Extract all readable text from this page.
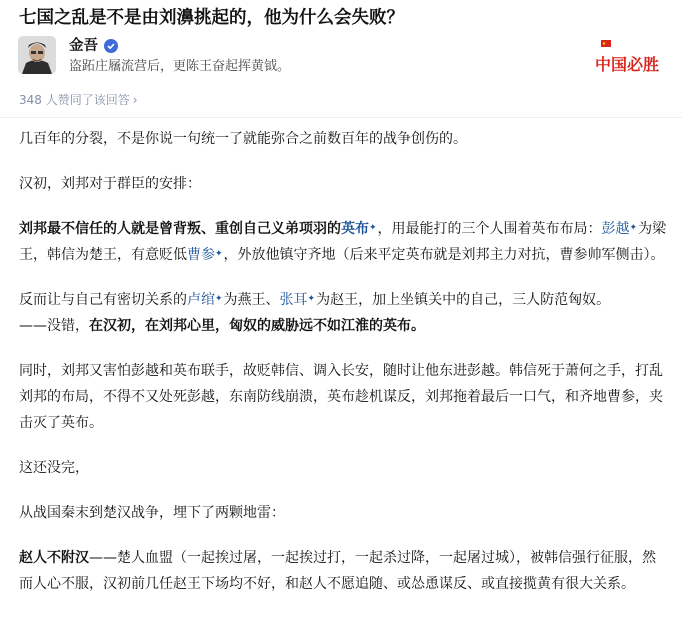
七国之乱是不是由刘濞挑起的，他为什么会失败？
金吾
盗跖庄屩流营后，更陈王奋起挥黄钺。	中国必胜
348 人赞同了该回答 ›

几百年的分裂，不是你说一句统一了就能弥合之前数百年的战争创伤的。

汉初，刘邦对于群臣的安排：

刘邦最不信任的人就是曾背叛、重创自己义弟项羽的英布✦，用最能打的三个人围着英布布局：彭越✦为梁王，韩信为楚王，有意贬低曹参✦，外放他镇守齐地（后来平定英布就是刘邦主力对抗，曹参帅军侧击）。

反而让与自己有密切关系的卢绾✦为燕王、张耳✦为赵王，加上坐镇关中的自己，三人防范匈奴。
——没错，在汉初，在刘邦心里，匈奴的威胁远不如江淮的英布。

同时，刘邦又害怕彭越和英布联手，故贬韩信、调入长安，随时让他东进彭越。韩信死于萧何之手，打乱刘邦的布局，不得不又处死彭越，东南防线崩溃，英布趁机谋反，刘邦拖着最后一口气，和齐地曹参，夹击灭了英布。

这还没完，

从战国秦末到楚汉战争，埋下了两颗地雷：

赵人不附汉——楚人血盟（一起挨过屠，一起挨过打，一起杀过降，一起屠过城），被韩信强行征服，然而人心不服，汉初前几任赵王下场均不好，和赵人不愿追随、或怂恿谋反、或直接揽黄有很大关系。
